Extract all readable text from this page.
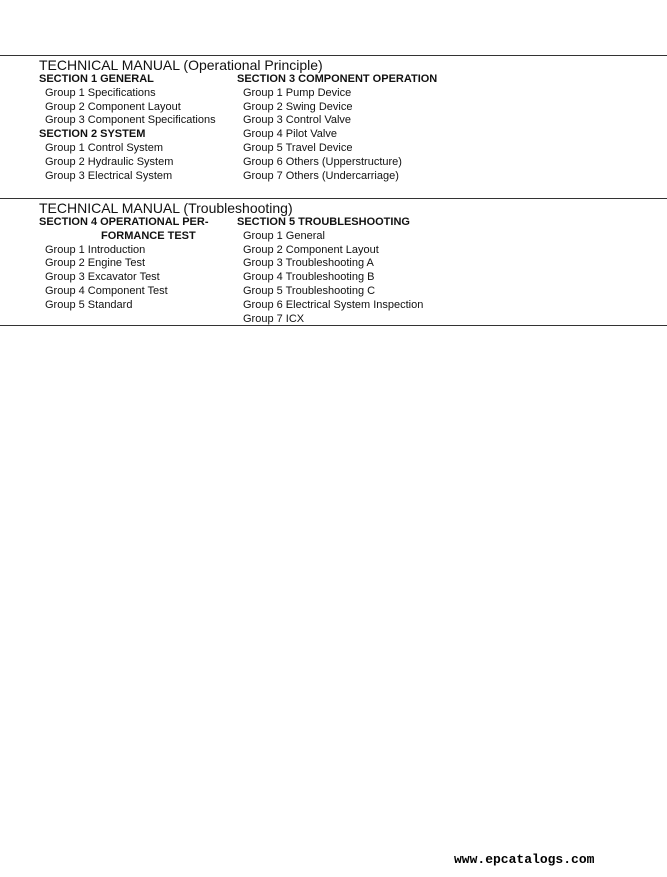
TECHNICAL MANUAL (Operational Principle)
SECTION 1 GENERAL
Group 1 Specifications
Group 2 Component Layout
Group 3 Component Specifications
SECTION 2 SYSTEM
Group 1 Control System
Group 2 Hydraulic System
Group 3 Electrical System
SECTION 3 COMPONENT OPERATION
Group 1 Pump Device
Group 2 Swing Device
Group 3 Control Valve
Group 4 Pilot Valve
Group 5 Travel Device
Group 6 Others (Upperstructure)
Group 7 Others (Undercarriage)
TECHNICAL MANUAL (Troubleshooting)
SECTION 4 OPERATIONAL PER-
FORMANCE TEST
Group 1 Introduction
Group 2 Engine Test
Group 3 Excavator Test
Group 4 Component Test
Group 5 Standard
SECTION 5 TROUBLESHOOTING
Group 1 General
Group 2 Component Layout
Group 3 Troubleshooting A
Group 4 Troubleshooting B
Group 5 Troubleshooting C
Group 6 Electrical System Inspection
Group 7 ICX
www.epcatalogs.com
